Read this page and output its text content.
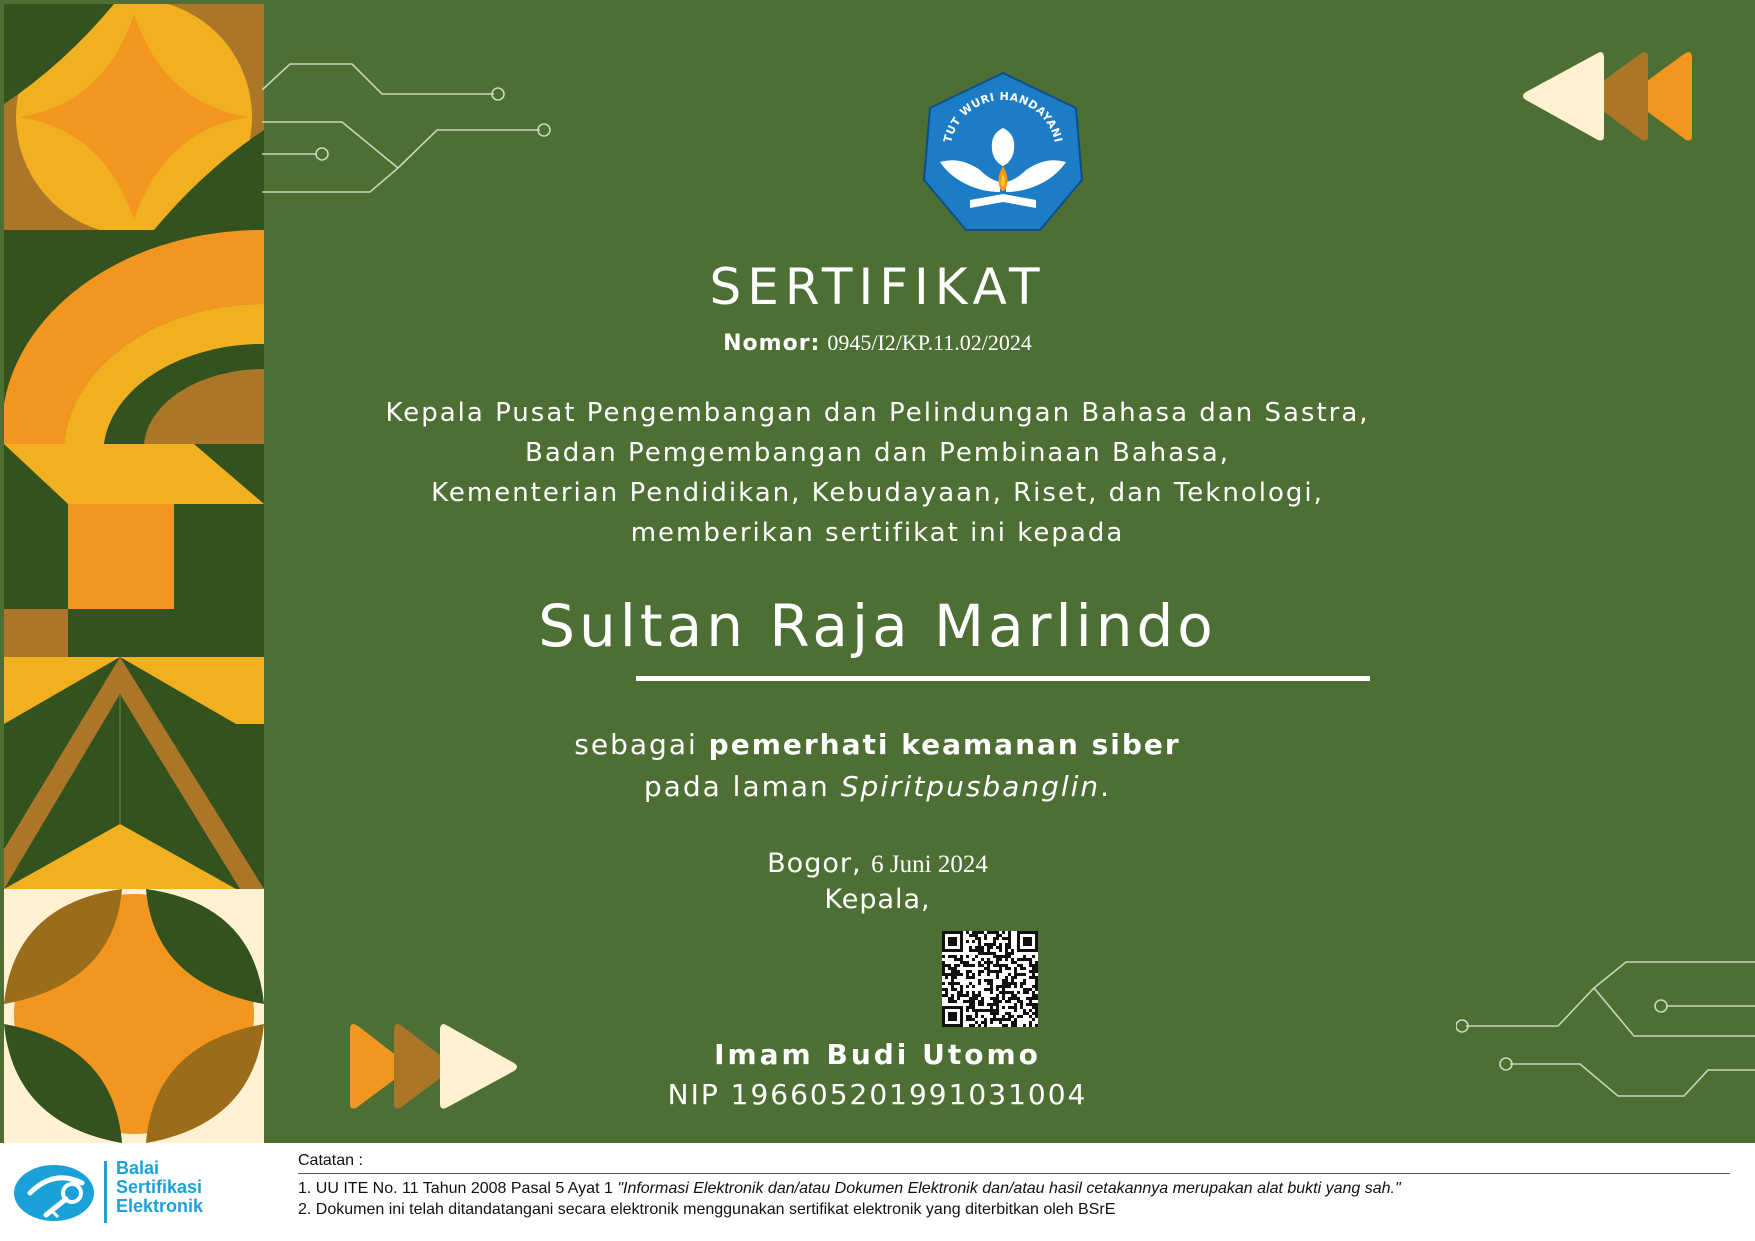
TUT WURI HANDAYANI
SERTIFIKAT
Nomor: 0945/I2/KP.11.02/2024
Kepala Pusat Pengembangan dan Pelindungan Bahasa dan Sastra,
Badan Pemgembangan dan Pembinaan Bahasa,
Kementerian Pendidikan, Kebudayaan, Riset, dan Teknologi,
memberikan sertifikat ini kepada
Sultan Raja Marlindo
sebagai pemerhati keamanan siber
pada laman Spiritpusbanglin.
Bogor, 6 Juni 2024
Kepala,
Imam Budi Utomo
NIP 196605201991031004
Balai
Sertifikasi
Elektronik
Catatan :
1. UU ITE No. 11 Tahun 2008 Pasal 5 Ayat 1 "Informasi Elektronik dan/atau Dokumen Elektronik dan/atau hasil cetakannya merupakan alat bukti yang sah."
2. Dokumen ini telah ditandatangani secara elektronik menggunakan sertifikat elektronik yang diterbitkan oleh BSrE
